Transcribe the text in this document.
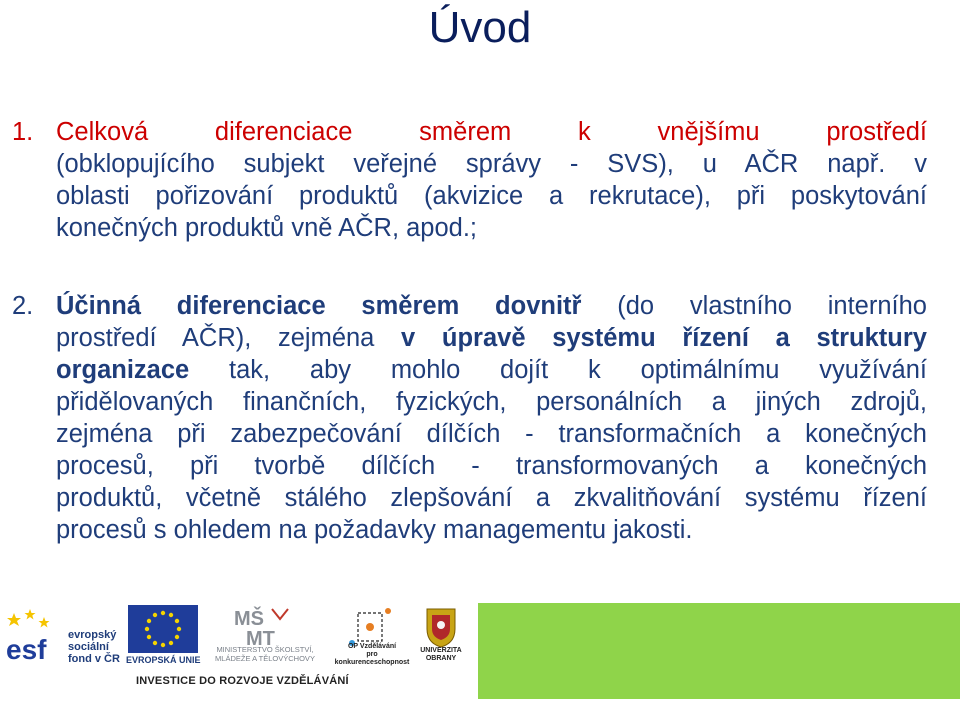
Úvod
1. Celková diferenciace směrem k vnějšímu prostředí
(obklopujícího subjekt veřejné správy - SVS), u AČR např. v
oblasti pořizování produktů (akvizice a rekrutace), při poskytování
konečných produktů vně AČR, apod.;
2. Účinná diferenciace směrem dovnitř (do vlastního interního
prostředí AČR), zejména v úpravě systému řízení a struktury
organizace tak, aby mohlo dojít k optimálnímu využívání
přidělovaných finančních, fyzických, personálních a jiných zdrojů,
zejména při zabezpečování dílčích - transformačních a konečných
procesů, při tvorbě dílčích - transformovaných a konečných
produktů, včetně stálého zlepšování a zkvalitňování systému řízení
procesů s ohledem na požadavky managementu jakosti.
esf evropský
sociální
fond v ČR EVROPSKÁ UNIE
MŠ
MT
MINISTERSTVO ŠKOLSTVÍ,
MLÁDEŽE A TĚLOVÝCHOVY
OP Vzdělávání
pro konkurenceschopnost
UNIVERZITA
OBRANY
INVESTICE DO ROZVOJE VZDĚLÁVÁNÍ
